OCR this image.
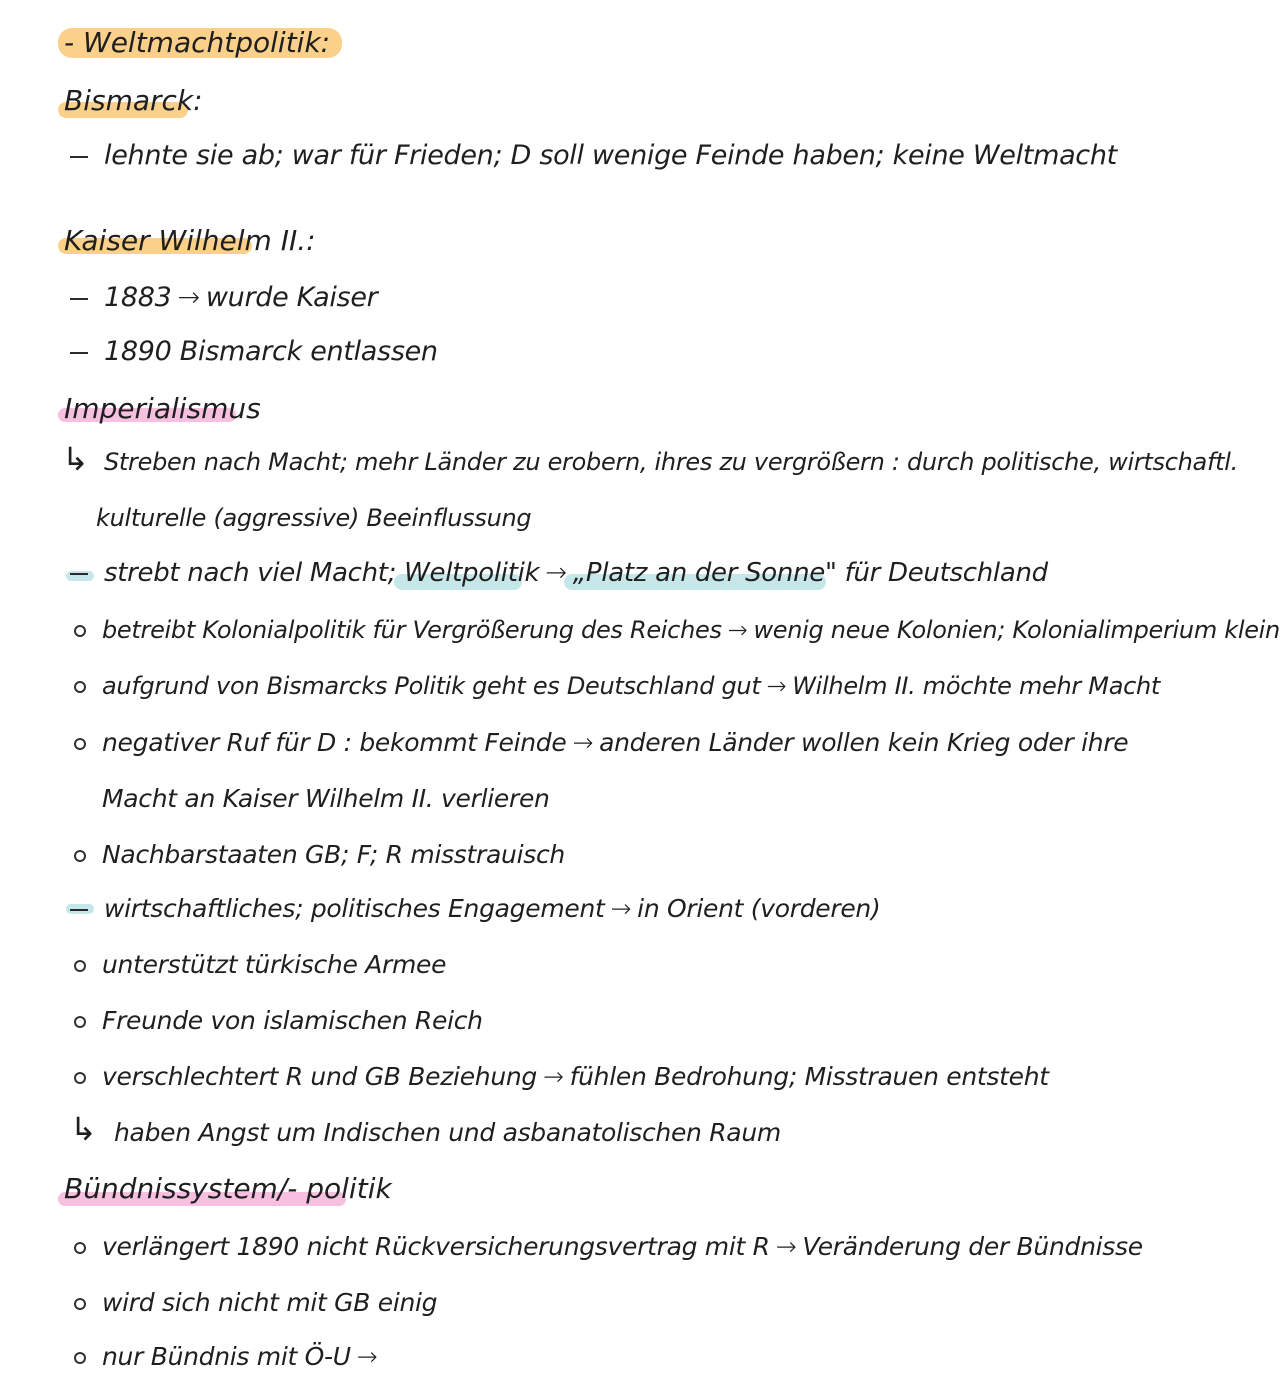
- Weltmachtpolitik:
Bismarck:
lehnte sie ab; war für Frieden; D soll wenige Feinde haben; keine Weltmacht
Kaiser Wilhelm II.:
1883 → wurde Kaiser
1890 Bismarck entlassen
Imperialismus
↳ Streben nach Macht; mehr Länder zu erobern, ihres zu vergrößern : durch politische, wirtschaftl.
kulturelle (aggressive) Beeinflussung
strebt nach viel Macht; Weltpolitik → „Platz an der Sonne" für Deutschland
betreibt Kolonialpolitik für Vergrößerung des Reiches → wenig neue Kolonien; Kolonialimperium klein
aufgrund von Bismarcks Politik geht es Deutschland gut → Wilhelm II. möchte mehr Macht
negativer Ruf für D : bekommt Feinde → anderen Länder wollen kein Krieg oder ihre
Macht an Kaiser Wilhelm II. verlieren
Nachbarstaaten GB; F; R misstrauisch
wirtschaftliches; politisches Engagement → in Orient (vorderen)
unterstützt türkische Armee
Freunde von islamischen Reich
verschlechtert R und GB Beziehung → fühlen Bedrohung; Misstrauen entsteht
↳ haben Angst um Indischen und asbanatolischen Raum
Bündnissystem/- politik
verlängert 1890 nicht Rückversicherungsvertrag mit R → Veränderung der Bündnisse
wird sich nicht mit GB einig
nur Bündnis mit Ö-U →
